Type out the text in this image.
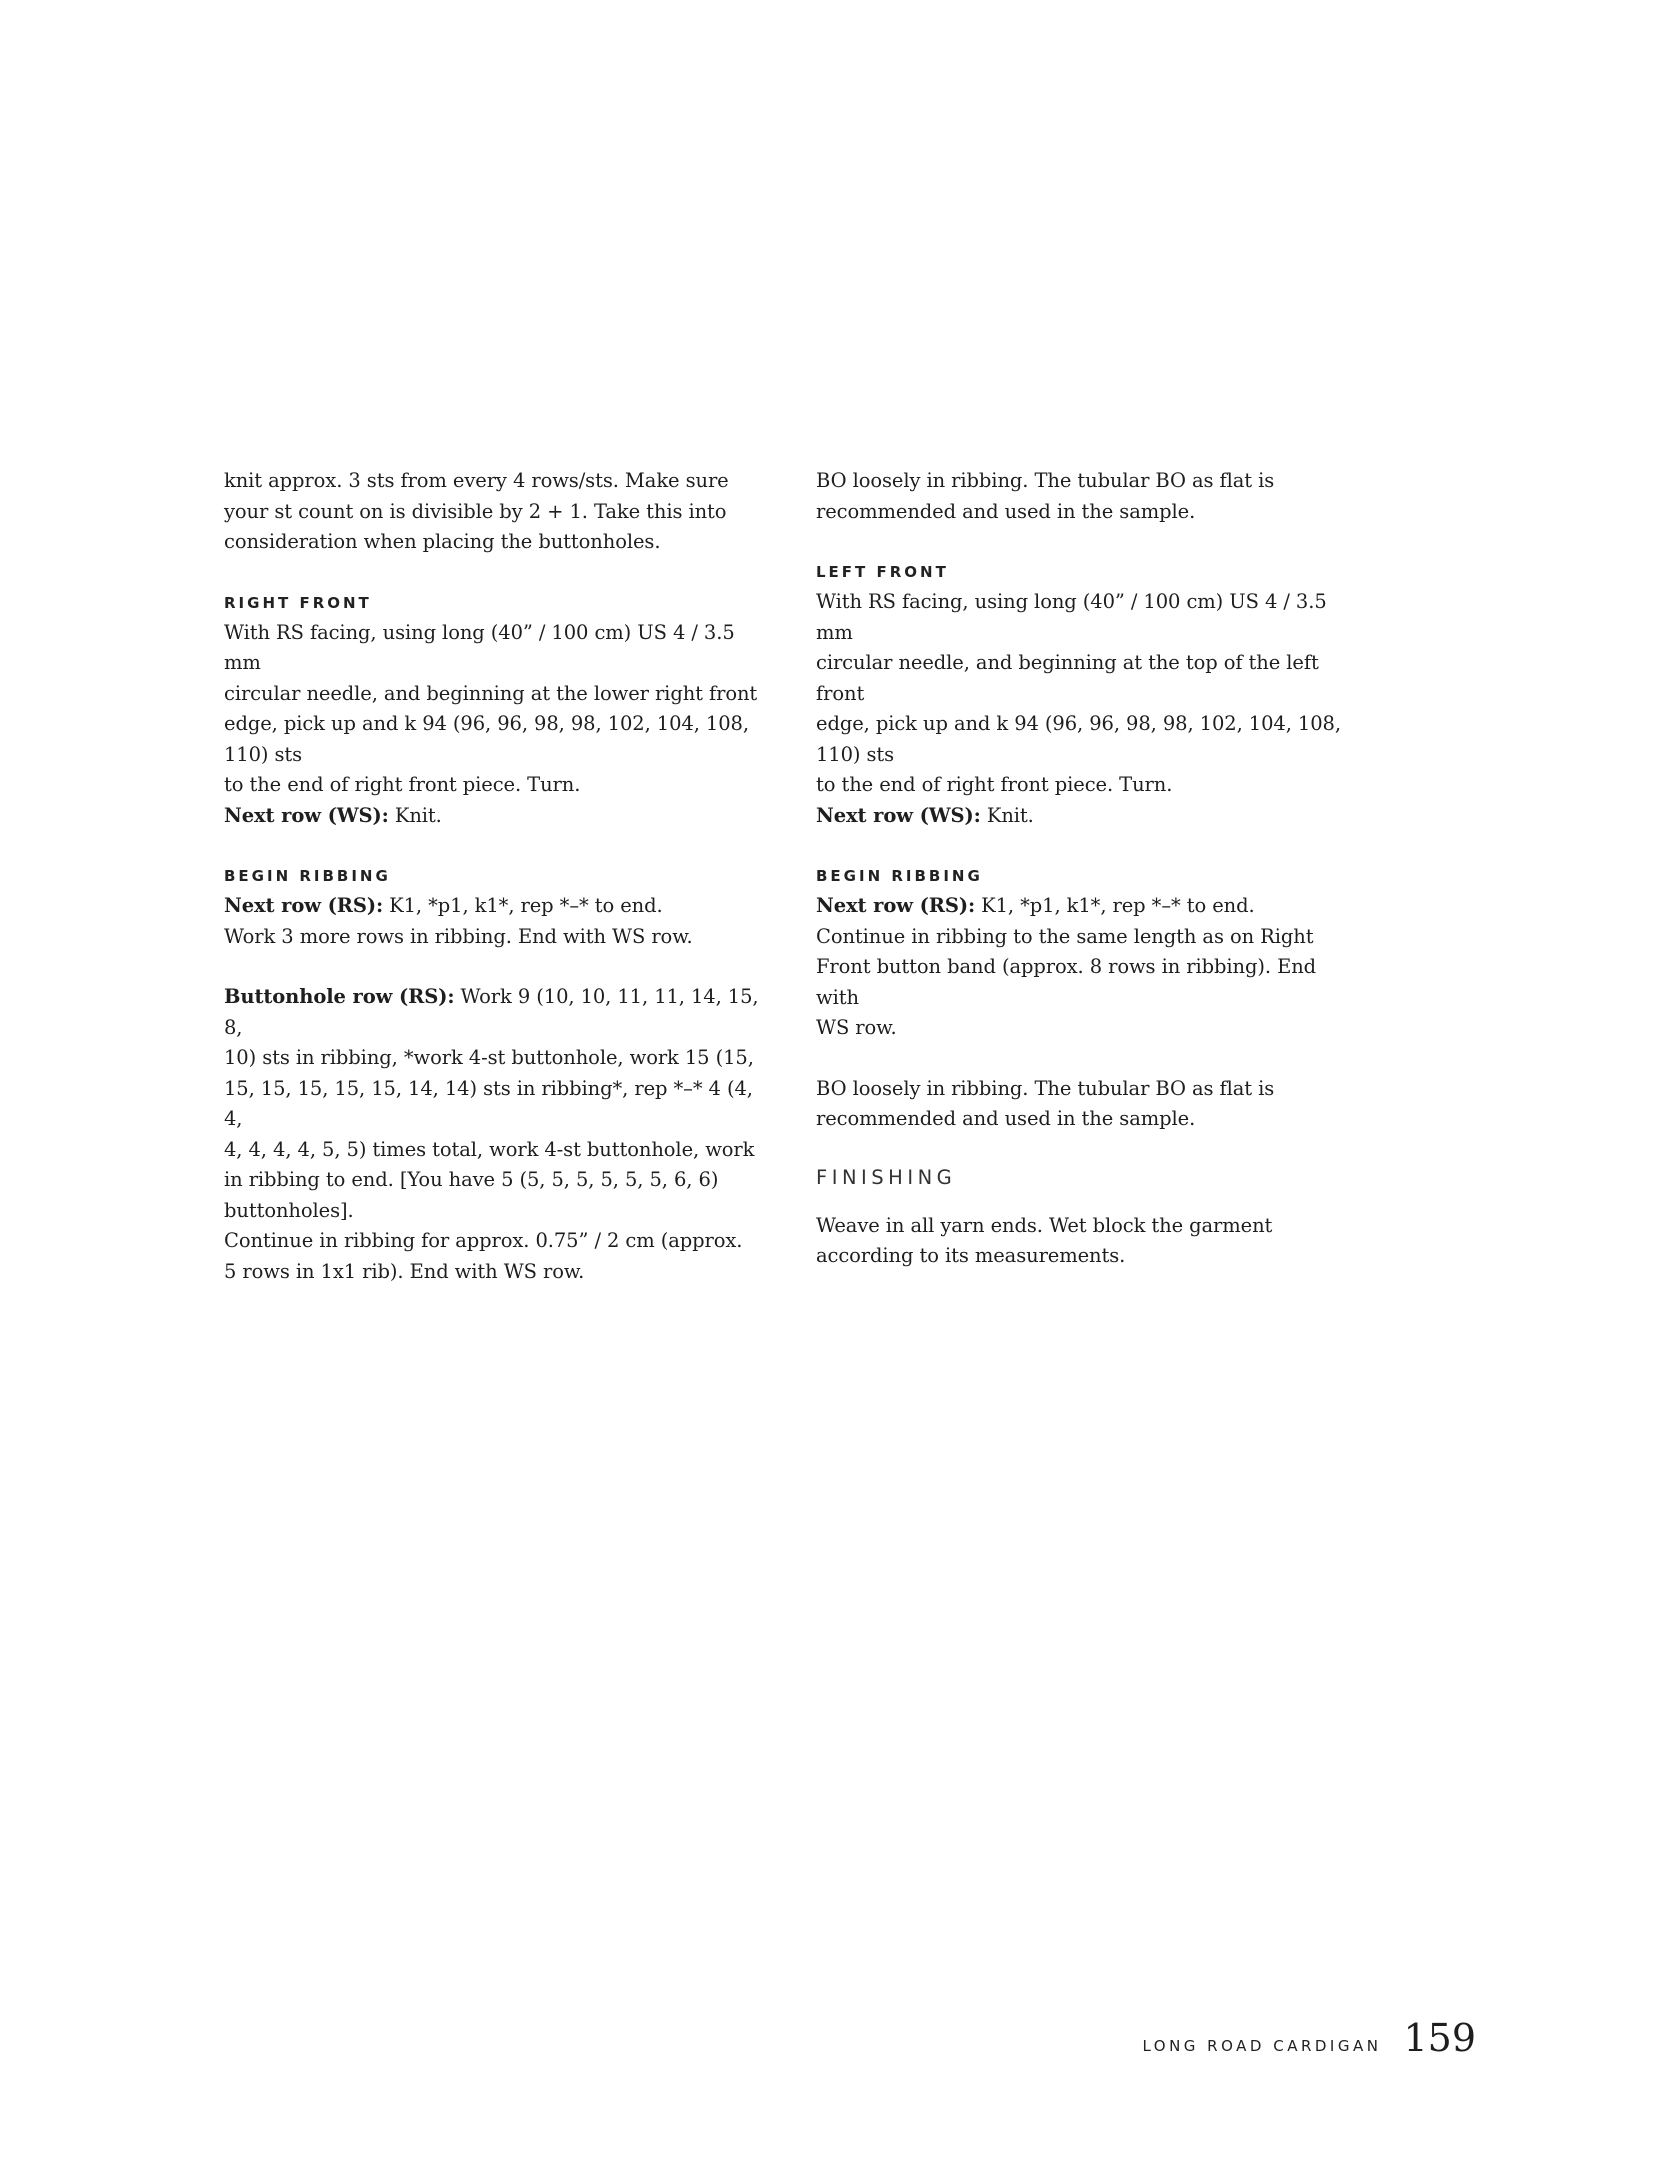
knit approx. 3 sts from every 4 rows/sts. Make sure

your st count on is divisible by 2 + 1. Take this into

consideration when placing the buttonholes.

RIGHT FRONT

With RS facing, using long (40” / 100 cm) US 4 / 3.5 mm

circular needle, and beginning at the lower right front

edge, pick up and k 94 (96, 96, 98, 98, 102, 104, 108, 110) sts

to the end of right front piece. Turn.

Next row (WS): Knit.

BEGIN RIBBING

Next row (RS): K1, *p1, k1*, rep *–* to end.

Work 3 more rows in ribbing. End with WS row.

Buttonhole row (RS): Work 9 (10, 10, 11, 11, 14, 15, 8,

10) sts in ribbing, *work 4-st buttonhole, work 15 (15,

15, 15, 15, 15, 15, 14, 14) sts in ribbing*, rep *–* 4 (4, 4,

4, 4, 4, 4, 5, 5) times total, work 4-st buttonhole, work

in ribbing to end. [You have 5 (5, 5, 5, 5, 5, 5, 6, 6)

buttonholes].

Continue in ribbing for approx. 0.75” / 2 cm (approx.

5 rows in 1x1 rib). End with WS row.

BO loosely in ribbing. The tubular BO as flat is

recommended and used in the sample.

LEFT FRONT

With RS facing, using long (40” / 100 cm) US 4 / 3.5 mm

circular needle, and beginning at the top of the left front

edge, pick up and k 94 (96, 96, 98, 98, 102, 104, 108, 110) sts

to the end of right front piece. Turn.

Next row (WS): Knit.

BEGIN RIBBING

Next row (RS): K1, *p1, k1*, rep *–* to end.

Continue in ribbing to the same length as on Right

Front button band (approx. 8 rows in ribbing). End with

WS row.

BO loosely in ribbing. The tubular BO as flat is

recommended and used in the sample.

FINISHING

Weave in all yarn ends. Wet block the garment

according to its measurements.

LONG ROAD CARDIGAN 159
